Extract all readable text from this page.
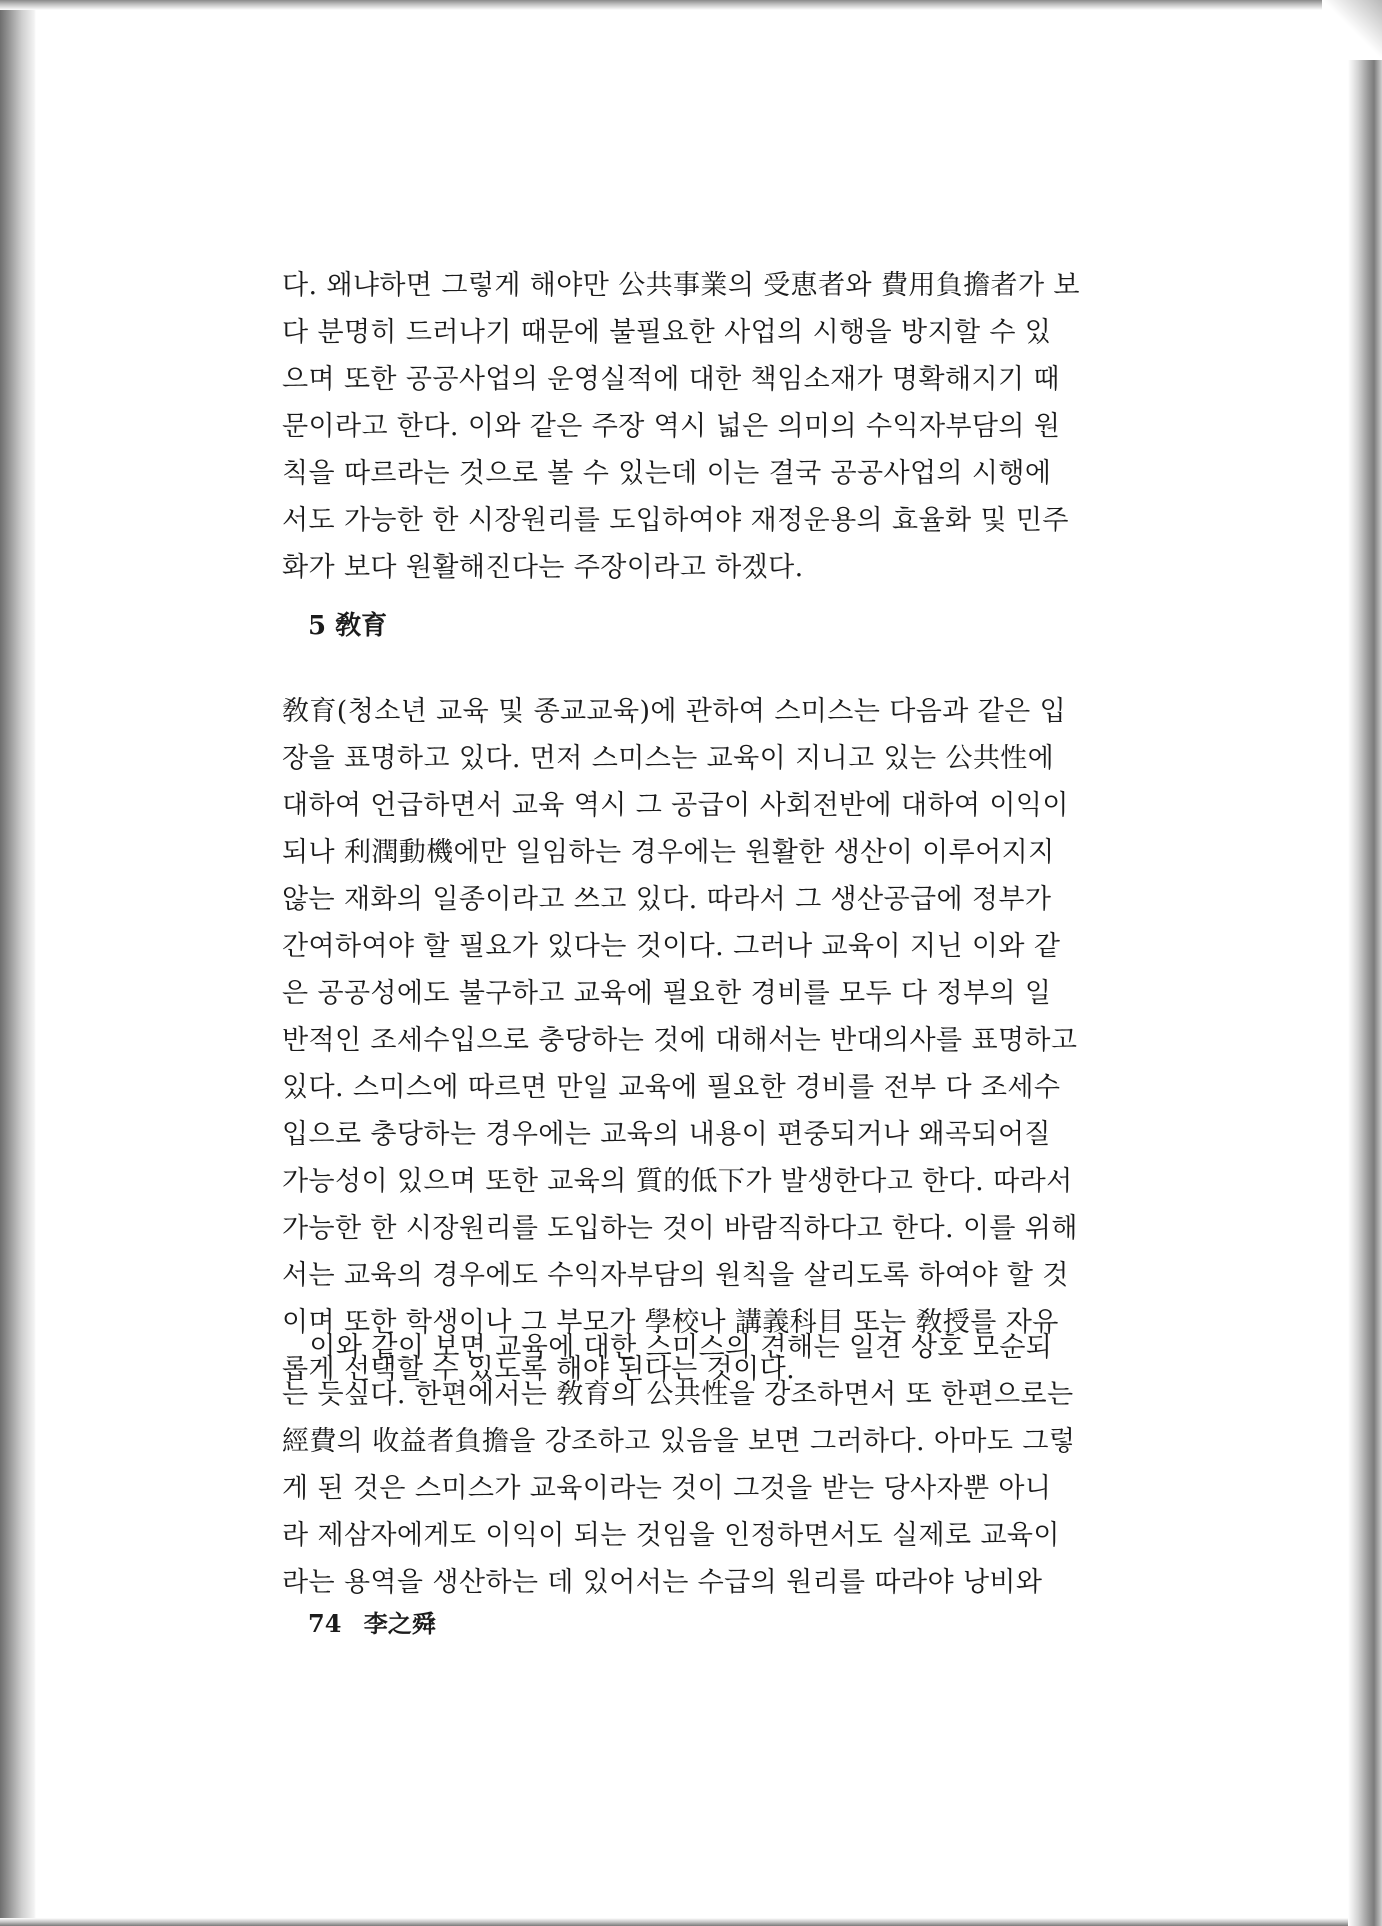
다. 왜냐하면 그렇게 해야만 公共事業의 受恵者와 費用負擔者가 보
다 분명히 드러나기 때문에 불필요한 사업의 시행을 방지할 수 있
으며 또한 공공사업의 운영실적에 대한 책임소재가 명확해지기 때
문이라고 한다. 이와 같은 주장 역시 넓은 의미의 수익자부담의 원
칙을 따르라는 것으로 볼 수 있는데 이는 결국 공공사업의 시행에
서도 가능한 한 시장원리를 도입하여야 재정운용의 효율화 및 민주
화가 보다 원활해진다는 주장이라고 하겠다.
5 敎育
敎育(청소년 교육 및 종교교육)에 관하여 스미스는 다음과 같은 입
장을 표명하고 있다. 먼저 스미스는 교육이 지니고 있는 公共性에
대하여 언급하면서 교육 역시 그 공급이 사회전반에 대하여 이익이
되나 利潤動機에만 일임하는 경우에는 원활한 생산이 이루어지지
않는 재화의 일종이라고 쓰고 있다. 따라서 그 생산공급에 정부가
간여하여야 할 필요가 있다는 것이다. 그러나 교육이 지닌 이와 같
은 공공성에도 불구하고 교육에 필요한 경비를 모두 다 정부의 일
반적인 조세수입으로 충당하는 것에 대해서는 반대의사를 표명하고
있다. 스미스에 따르면 만일 교육에 필요한 경비를 전부 다 조세수
입으로 충당하는 경우에는 교육의 내용이 편중되거나 왜곡되어질
가능성이 있으며 또한 교육의 質的低下가 발생한다고 한다. 따라서
가능한 한 시장원리를 도입하는 것이 바람직하다고 한다. 이를 위해
서는 교육의 경우에도 수익자부담의 원칙을 살리도록 하여야 할 것
이며 또한 학생이나 그 부모가 學校나 講義科目 또는 敎授를 자유
롭게 선택할 수 있도록 해야 된다는 것이다.
　이와 같이 보면 교육에 대한 스미스의 견해는 일견 상호 모순되
는 듯싶다. 한편에서는 敎育의 公共性을 강조하면서 또 한편으로는
經費의 收益者負擔을 강조하고 있음을 보면 그러하다. 아마도 그렇
게 된 것은 스미스가 교육이라는 것이 그것을 받는 당사자뿐 아니
라 제삼자에게도 이익이 되는 것임을 인정하면서도 실제로 교육이
라는 용역을 생산하는 데 있어서는 수급의 원리를 따라야 낭비와
74 李之舜
